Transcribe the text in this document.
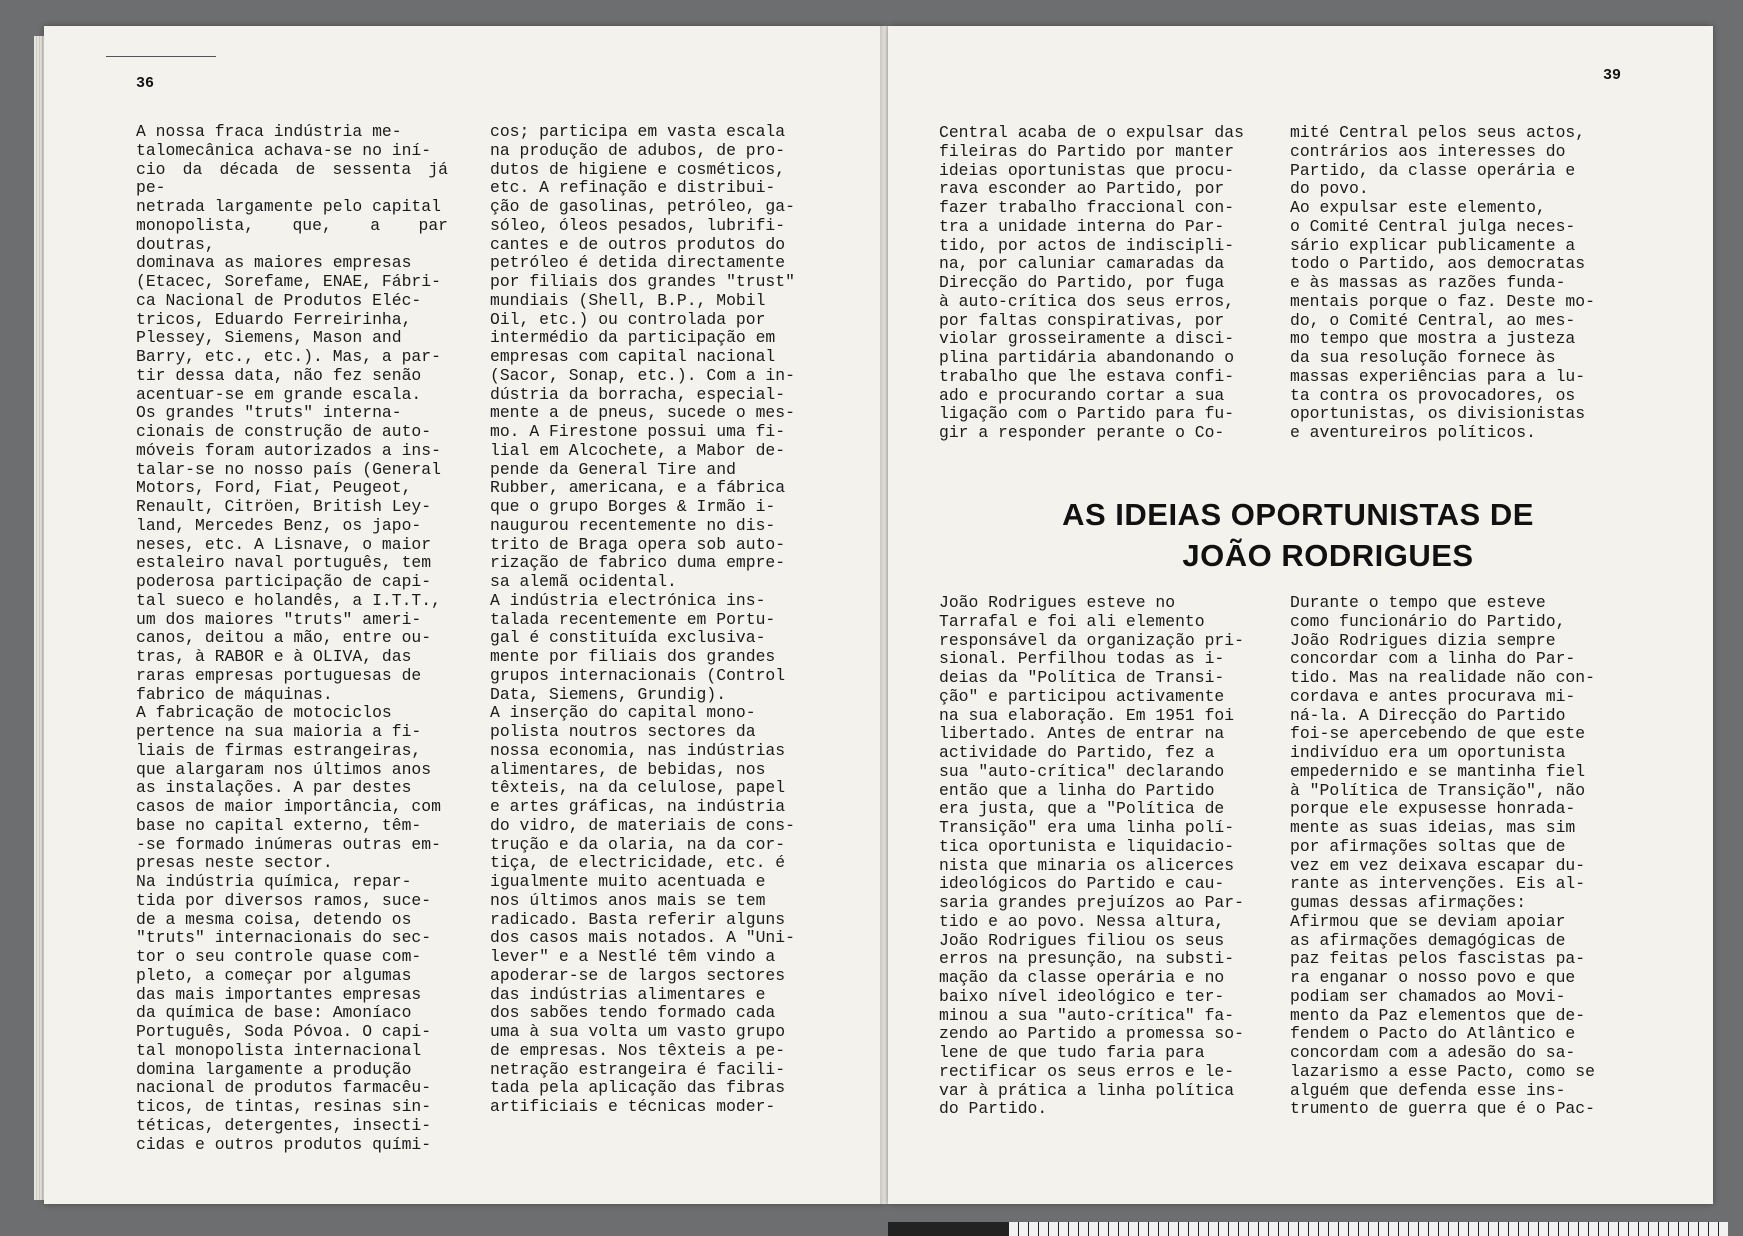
36
A nossa fraca indústria me-
talomecânica achava-se no iní-
cio da década de sessenta já pe-
netrada largamente pelo capital
monopolista, que, a par doutras,
dominava as maiores empresas
(Etacec, Sorefame, ENAE, Fábri-
ca Nacional de Produtos Eléc-
tricos, Eduardo Ferreirinha,
Plessey, Siemens, Mason and
Barry, etc., etc.). Mas, a par-
tir dessa data, não fez senão
acentuar-se em grande escala.
Os grandes "truts" interna-
cionais de construção de auto-
móveis foram autorizados a ins-
talar-se no nosso país (General
Motors, Ford, Fiat, Peugeot,
Renault, Citröen, British Ley-
land, Mercedes Benz, os japo-
neses, etc. A Lisnave, o maior
estaleiro naval português, tem
poderosa participação de capi-
tal sueco e holandês, a I.T.T.,
um dos maiores "truts" ameri-
canos, deitou a mão, entre ou-
tras, à RABOR e à OLIVA, das
raras empresas portuguesas de
fabrico de máquinas.
A fabricação de motociclos
pertence na sua maioria a fi-
liais de firmas estrangeiras,
que alargaram nos últimos anos
as instalações. A par destes
casos de maior importância, com
base no capital externo, têm-
-se formado inúmeras outras em-
presas neste sector.
Na indústria química, repar-
tida por diversos ramos, suce-
de a mesma coisa, detendo os
"truts" internacionais do sec-
tor o seu controle quase com-
pleto, a começar por algumas
das mais importantes empresas
da química de base: Amoníaco
Português, Soda Póvoa. O capi-
tal monopolista internacional
domina largamente a produção
nacional de produtos farmacêu-
ticos, de tintas, resinas sin-
téticas, detergentes, insecti-
cidas e outros produtos quími-
cos; participa em vasta escala
na produção de adubos, de pro-
dutos de higiene e cosméticos,
etc. A refinação e distribui-
ção de gasolinas, petróleo, ga-
sóleo, óleos pesados, lubrifi-
cantes e de outros produtos do
petróleo é detida directamente
por filiais dos grandes "trust"
mundiais (Shell, B.P., Mobil
Oil, etc.) ou controlada por
intermédio da participação em
empresas com capital nacional
(Sacor, Sonap, etc.). Com a in-
dústria da borracha, especial-
mente a de pneus, sucede o mes-
mo. A Firestone possui uma fi-
lial em Alcochete, a Mabor de-
pende da General Tire and
Rubber, americana, e a fábrica
que o grupo Borges & Irmão i-
naugurou recentemente no dis-
trito de Braga opera sob auto-
rização de fabrico duma empre-
sa alemã ocidental.
A indústria electrónica ins-
talada recentemente em Portu-
gal é constituída exclusiva-
mente por filiais dos grandes
grupos internacionais (Control
Data, Siemens, Grundig).
A inserção do capital mono-
polista noutros sectores da
nossa economia, nas indústrias
alimentares, de bebidas, nos
têxteis, na da celulose, papel
e artes gráficas, na indústria
do vidro, de materiais de cons-
trução e da olaria, na da cor-
tiça, de electricidade, etc. é
igualmente muito acentuada e
nos últimos anos mais se tem
radicado. Basta referir alguns
dos casos mais notados. A "Uni-
lever" e a Nestlé têm vindo a
apoderar-se de largos sectores
das indústrias alimentares e
dos sabões tendo formado cada
uma à sua volta um vasto grupo
de empresas. Nos têxteis a pe-
netração estrangeira é facili-
tada pela aplicação das fibras
artificiais e técnicas moder-
39
Central acaba de o expulsar das
fileiras do Partido por manter
ideias oportunistas que procu-
rava esconder ao Partido, por
fazer trabalho fraccional con-
tra a unidade interna do Par-
tido, por actos de indiscipli-
na, por caluniar camaradas da
Direcção do Partido, por fuga
à auto-crítica dos seus erros,
por faltas conspirativas, por
violar grosseiramente a disci-
plina partidária abandonando o
trabalho que lhe estava confi-
ado e procurando cortar a sua
ligação com o Partido para fu-
gir a responder perante o Co-
mité Central pelos seus actos,
contrários aos interesses do
Partido, da classe operária e
do povo.
Ao expulsar este elemento,
o Comité Central julga neces-
sário explicar publicamente a
todo o Partido, aos democratas
e às massas as razões funda-
mentais porque o faz. Deste mo-
do, o Comité Central, ao mes-
mo tempo que mostra a justeza
da sua resolução fornece às
massas experiências para a lu-
ta contra os provocadores, os
oportunistas, os divisionistas
e aventureiros políticos.
AS IDEIAS OPORTUNISTAS DE
JOÃO RODRIGUES
João Rodrigues esteve no
Tarrafal e foi ali elemento
responsável da organização pri-
sional. Perfilhou todas as i-
deias da "Política de Transi-
ção" e participou activamente
na sua elaboração. Em 1951 foi
libertado. Antes de entrar na
actividade do Partido, fez a
sua "auto-crítica" declarando
então que a linha do Partido
era justa, que a "Política de
Transição" era uma linha polí-
tica oportunista e liquidacio-
nista que minaria os alicerces
ideológicos do Partido e cau-
saria grandes prejuízos ao Par-
tido e ao povo. Nessa altura,
João Rodrigues filiou os seus
erros na presunção, na substi-
mação da classe operária e no
baixo nível ideológico e ter-
minou a sua "auto-crítica" fa-
zendo ao Partido a promessa so-
lene de que tudo faria para
rectificar os seus erros e le-
var à prática a linha política
do Partido.
Durante o tempo que esteve
como funcionário do Partido,
João Rodrigues dizia sempre
concordar com a linha do Par-
tido. Mas na realidade não con-
cordava e antes procurava mi-
ná-la. A Direcção do Partido
foi-se apercebendo de que este
indivíduo era um oportunista
empedernido e se mantinha fiel
à "Política de Transição", não
porque ele expusesse honrada-
mente as suas ideias, mas sim
por afirmações soltas que de
vez em vez deixava escapar du-
rante as intervenções. Eis al-
gumas dessas afirmações:
Afirmou que se deviam apoiar
as afirmações demagógicas de
paz feitas pelos fascistas pa-
ra enganar o nosso povo e que
podiam ser chamados ao Movi-
mento da Paz elementos que de-
fendem o Pacto do Atlântico e
concordam com a adesão do sa-
lazarismo a esse Pacto, como se
alguém que defenda esse ins-
trumento de guerra que é o Pac-
